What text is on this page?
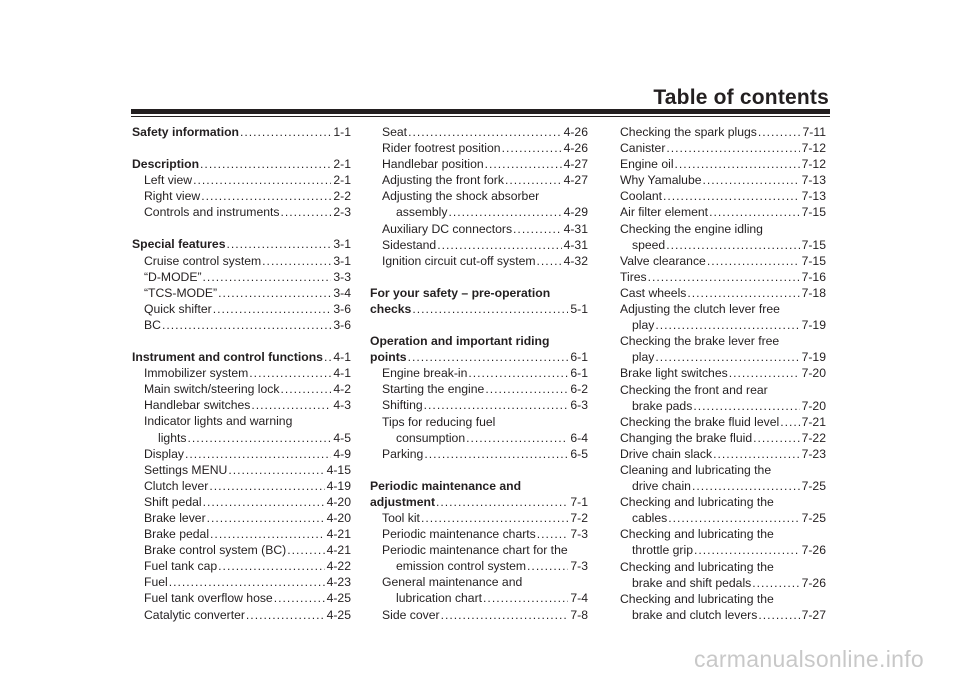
Table of contents
Safety information .....	1-1
Description .....	2-1
Left view .....	2-1
Right view .....	2-2
Controls and instruments .....	2-3
Special features .....	3-1
Cruise control system .....	3-1
“D-MODE” .....	3-3
“TCS-MODE” .....	3-4
Quick shifter .....	3-6
BC .....	3-6
Instrument and control functions ..... 4-1
Immobilizer system .....	4-1
Main switch/steering lock .....	4-2
Handlebar switches .....	4-3
Indicator lights and warning
lights .....	4-5
Display .....	4-9
Settings MENU .....	4-15
Clutch lever .....	4-19
Shift pedal .....	4-20
Brake lever .....	4-20
Brake pedal .....	4-21
Brake control system (BC) .....	4-21
Fuel tank cap .....	4-22
Fuel .....	4-23
Fuel tank overflow hose .....	4-25
Catalytic converter .....	4-25
Seat .....	4-26
Rider footrest position .....	4-26
Handlebar position .....	4-27
Adjusting the front fork .....	4-27
Adjusting the shock absorber
assembly .....	4-29
Auxiliary DC connectors .....	4-31
Sidestand .....	4-31
Ignition circuit cut-off system ..... 4-32
For your safety – pre-operation
checks .....	5-1
Operation and important riding
points .....	6-1
Engine break-in .....	6-1
Starting the engine .....	6-2
Shifting .....	6-3
Tips for reducing fuel
consumption .....	6-4
Parking .....	6-5
Periodic maintenance and
adjustment .....	7-1
Tool kit .....	7-2
Periodic maintenance charts .....	7-3
Periodic maintenance chart for the
emission control system .....	7-3
General maintenance and
lubrication chart .....	7-4
Side cover .....	7-8
Checking the spark plugs .....	7-11
Canister .....	7-12
Engine oil .....	7-12
Why Yamalube .....	7-13
Coolant .....	7-13
Air filter element .....	7-15
Checking the engine idling
speed .....	7-15
Valve clearance .....	7-15
Tires .....	7-16
Cast wheels .....	7-18
Adjusting the clutch lever free
play .....	7-19
Checking the brake lever free
play .....	7-19
Brake light switches .....	7-20
Checking the front and rear
brake pads .....	7-20
Checking the brake fluid level ..... 7-21
Changing the brake fluid .....	7-22
Drive chain slack .....	7-23
Cleaning and lubricating the
drive chain .....	7-25
Checking and lubricating the
cables .....	7-25
Checking and lubricating the
throttle grip .....	7-26
Checking and lubricating the
brake and shift pedals .....	7-26
Checking and lubricating the
brake and clutch levers .....	7-27
carmanualsonline.info
